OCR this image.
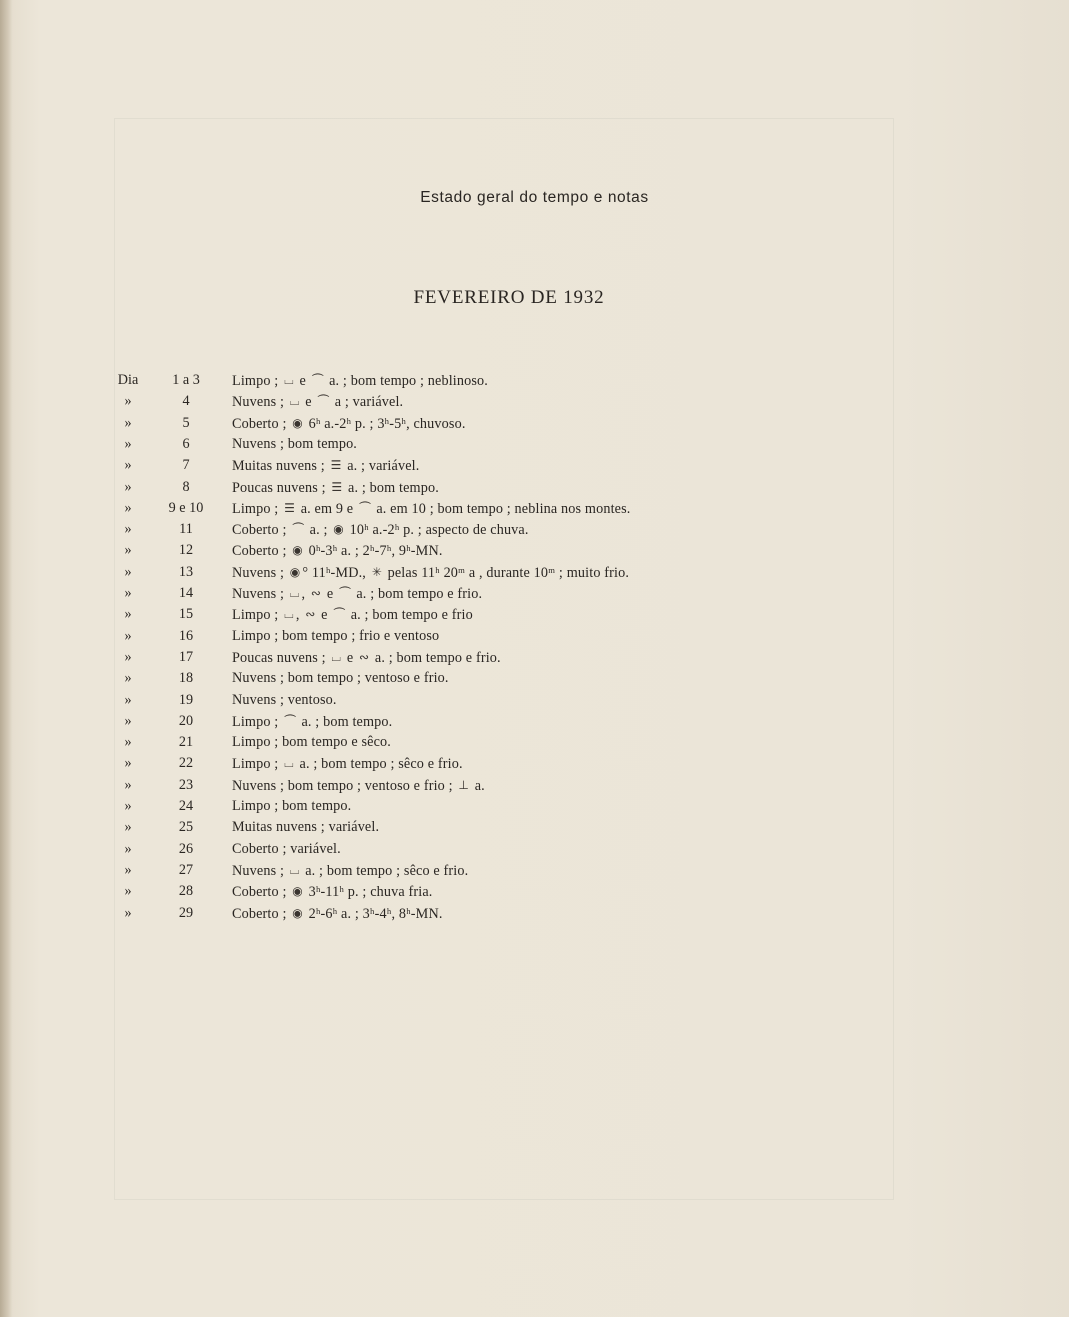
Estado geral do tempo e notas
FEVEREIRO DE 1932
Dia	1 a 3	Limpo ; ⌴ e ⏜ a. ; bom tempo ; neblinoso.
»	4	Nuvens ; ⌴ e ⏜ a ; variável.
»	5	Coberto ; ◉ 6ʰ a.-2ʰ p. ; 3ʰ-5ʰ, chuvoso.
»	6	Nuvens ; bom tempo.
»	7	Muitas nuvens ; ☰ a. ; variável.
»	8	Poucas nuvens ; ☰ a. ; bom tempo.
»	9 e 10	Limpo ; ☰ a. em 9 e ⏜ a. em 10 ; bom tempo ; neblina nos montes.
»	11	Coberto ; ⏜ a. ; ◉ 10ʰ a.-2ʰ p. ; aspecto de chuva.
»	12	Coberto ; ◉ 0ʰ-3ʰ a. ; 2ʰ-7ʰ, 9ʰ-MN.
»	13	Nuvens ; ◉ ° 11ʰ-MD., ✳ pelas 11ʰ 20ᵐ a , durante 10ᵐ ; muito frio.
»	14	Nuvens ; ⌴ , ∾ e ⏜ a. ; bom tempo e frio.
»	15	Limpo ; ⌴ , ∾ e ⏜ a. ; bom tempo e frio
»	16	Limpo ; bom tempo ; frio e ventoso
»	17	Poucas nuvens ; ⌴ e ∾ a. ; bom tempo e frio.
»	18	Nuvens ; bom tempo ; ventoso e frio.
»	19	Nuvens ; ventoso.
»	20	Limpo ; ⏜ a. ; bom tempo.
»	21	Limpo ; bom tempo e sêco.
»	22	Limpo ; ⌴ a. ; bom tempo ; sêco e frio.
»	23	Nuvens ; bom tempo ; ventoso e frio ; ⊥ a.
»	24	Limpo ; bom tempo.
»	25	Muitas nuvens ; variável.
»	26	Coberto ; variável.
»	27	Nuvens ; ⌴ a. ; bom tempo ; sêco e frio.
»	28	Coberto ; ◉ 3ʰ-11ʰ p. ; chuva fria.
»	29	Coberto ; ◉ 2ʰ-6ʰ a. ; 3ʰ-4ʰ, 8ʰ-MN.
